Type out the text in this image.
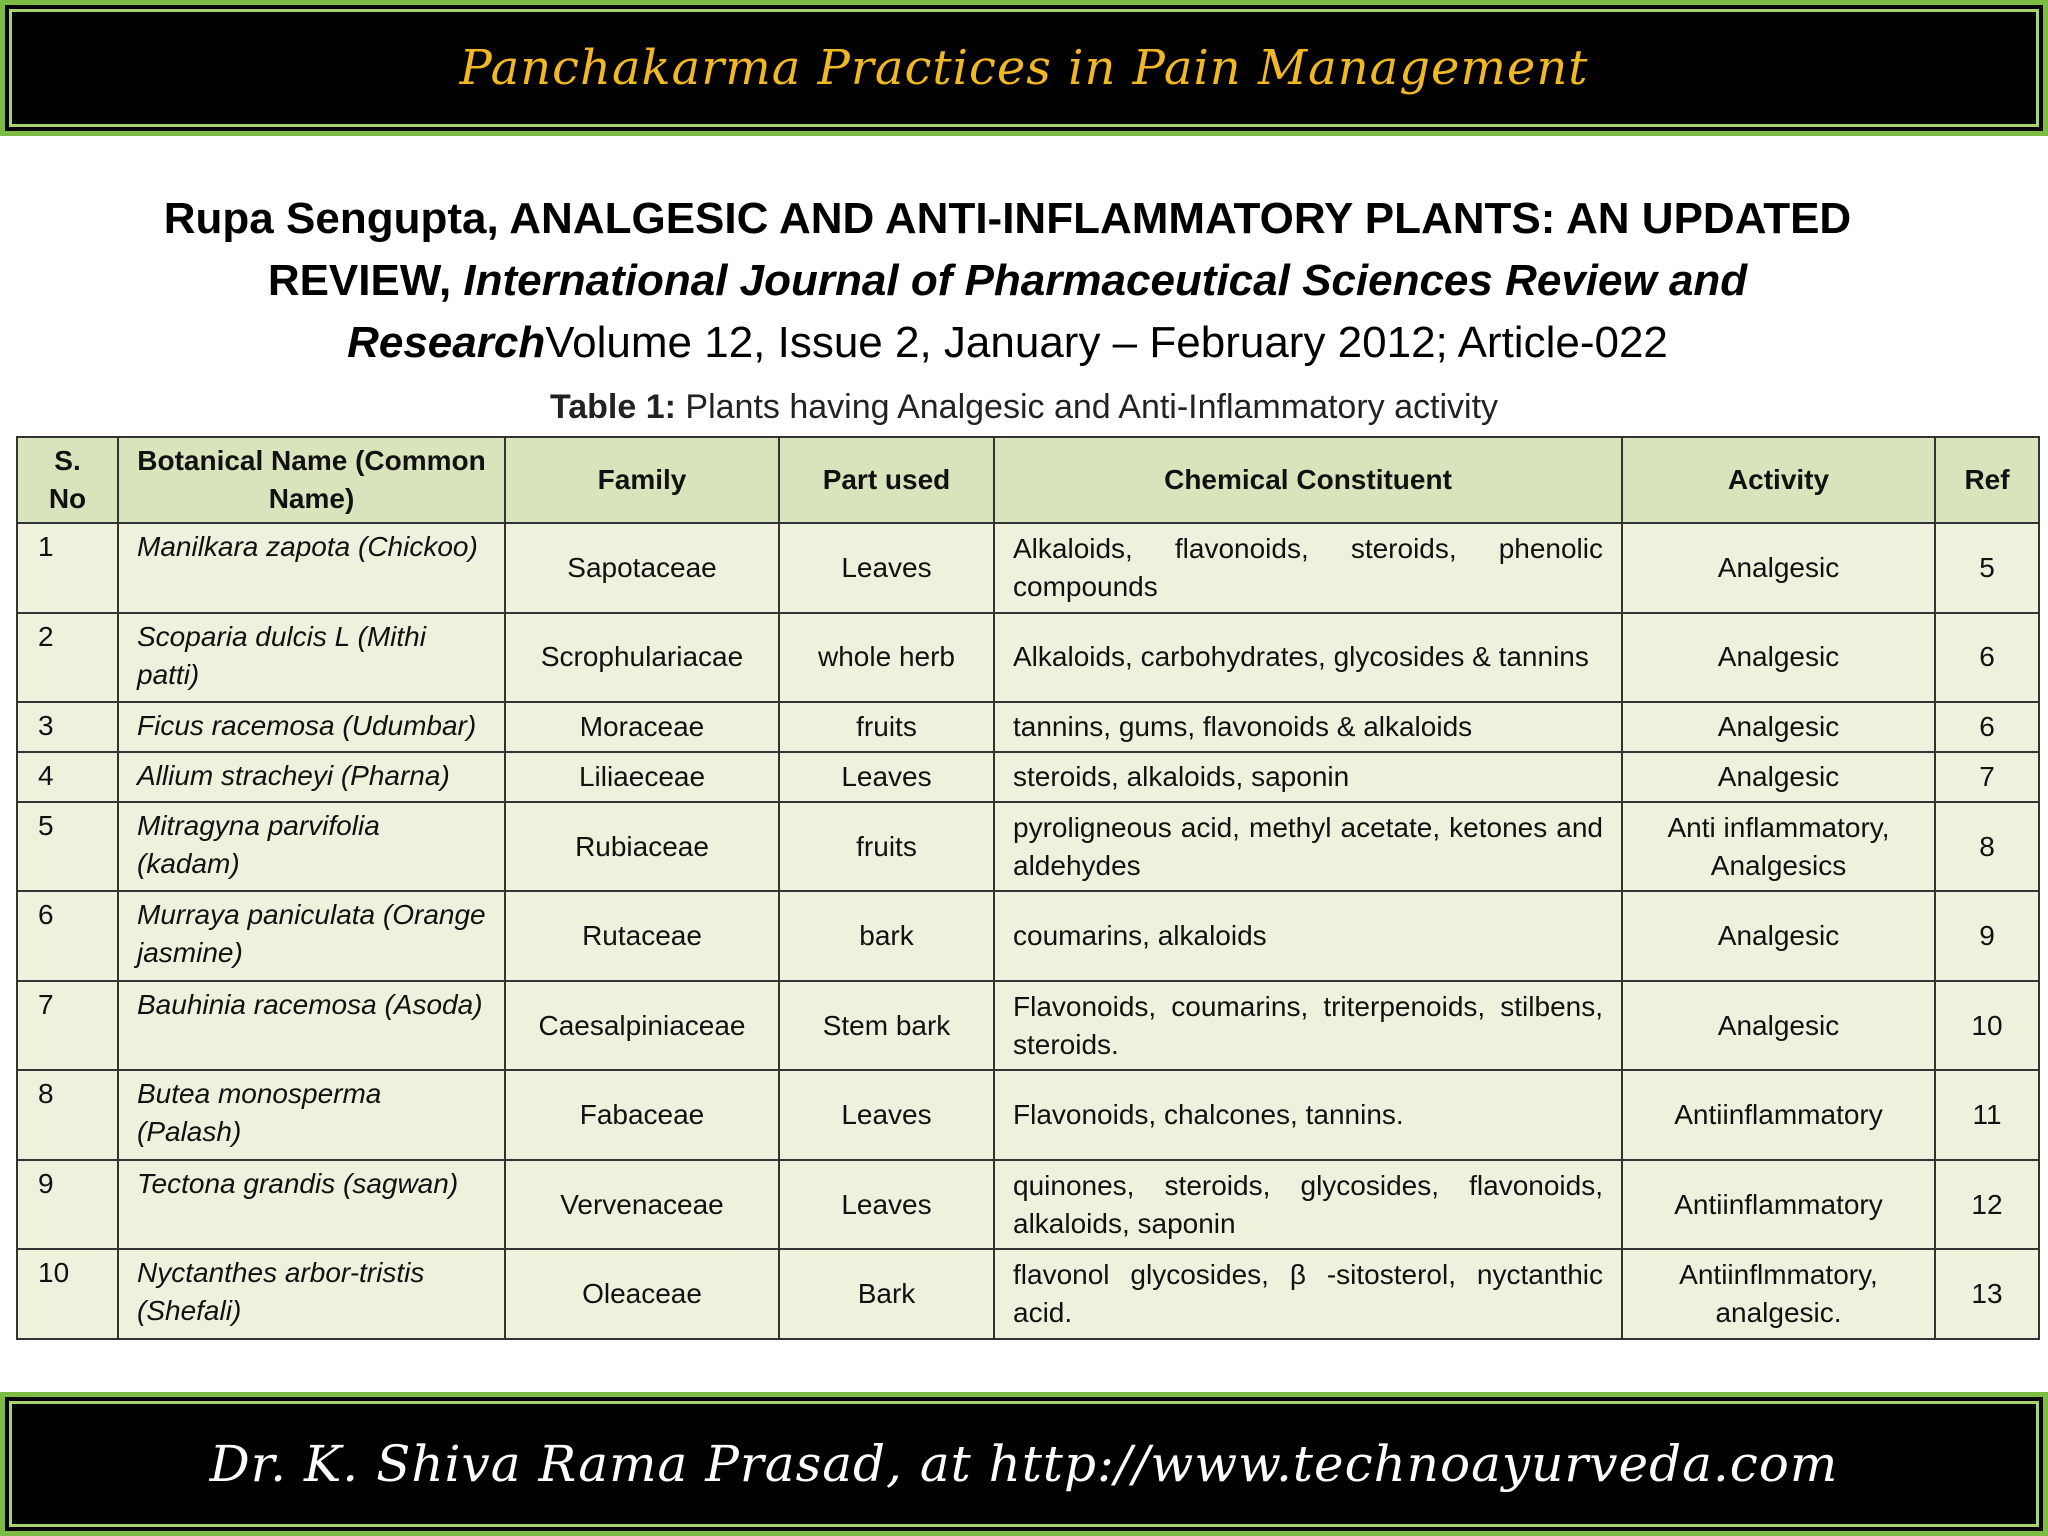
Panchakarma Practices in Pain Management
Rupa Sengupta, ANALGESIC AND ANTI-INFLAMMATORY PLANTS: AN UPDATED REVIEW, International Journal of Pharmaceutical Sciences Review and ResearchVolume 12, Issue 2, January – February 2012; Article-022
Table 1: Plants having Analgesic and Anti-Inflammatory activity
S. No	Botanical Name (Common Name)	Family	Part used	Chemical Constituent	Activity	Ref
1	Manilkara zapota (Chickoo)	Sapotaceae	Leaves	Alkaloids, flavonoids, steroids, phenolic compounds	Analgesic	5
2	Scoparia dulcis L (Mithi patti)	Scrophulariacae	whole herb	Alkaloids, carbohydrates, glycosides & tannins	Analgesic	6
3	Ficus racemosa (Udumbar)	Moraceae	fruits	tannins, gums, flavonoids & alkaloids	Analgesic	6
4	Allium stracheyi (Pharna)	Liliaeceae	Leaves	steroids, alkaloids, saponin	Analgesic	7
5	Mitragyna parvifolia (kadam)	Rubiaceae	fruits	pyroligneous acid, methyl acetate, ketones and aldehydes	Anti inflammatory, Analgesics	8
6	Murraya paniculata (Orange jasmine)	Rutaceae	bark	coumarins, alkaloids	Analgesic	9
7	Bauhinia racemosa (Asoda)	Caesalpiniaceae	Stem bark	Flavonoids, coumarins, triterpenoids, stilbens, steroids.	Analgesic	10
8	Butea monosperma (Palash)	Fabaceae	Leaves	Flavonoids, chalcones, tannins.	Antiinflammatory	11
9	Tectona grandis (sagwan)	Vervenaceae	Leaves	quinones, steroids, glycosides, flavonoids, alkaloids, saponin	Antiinflammatory	12
10	Nyctanthes arbor-tristis (Shefali)	Oleaceae	Bark	flavonol glycosides, β -sitosterol, nyctanthic acid.	Antiinflmmatory, analgesic.	13
Dr. K. Shiva Rama Prasad, at http://www.technoayurveda.com
